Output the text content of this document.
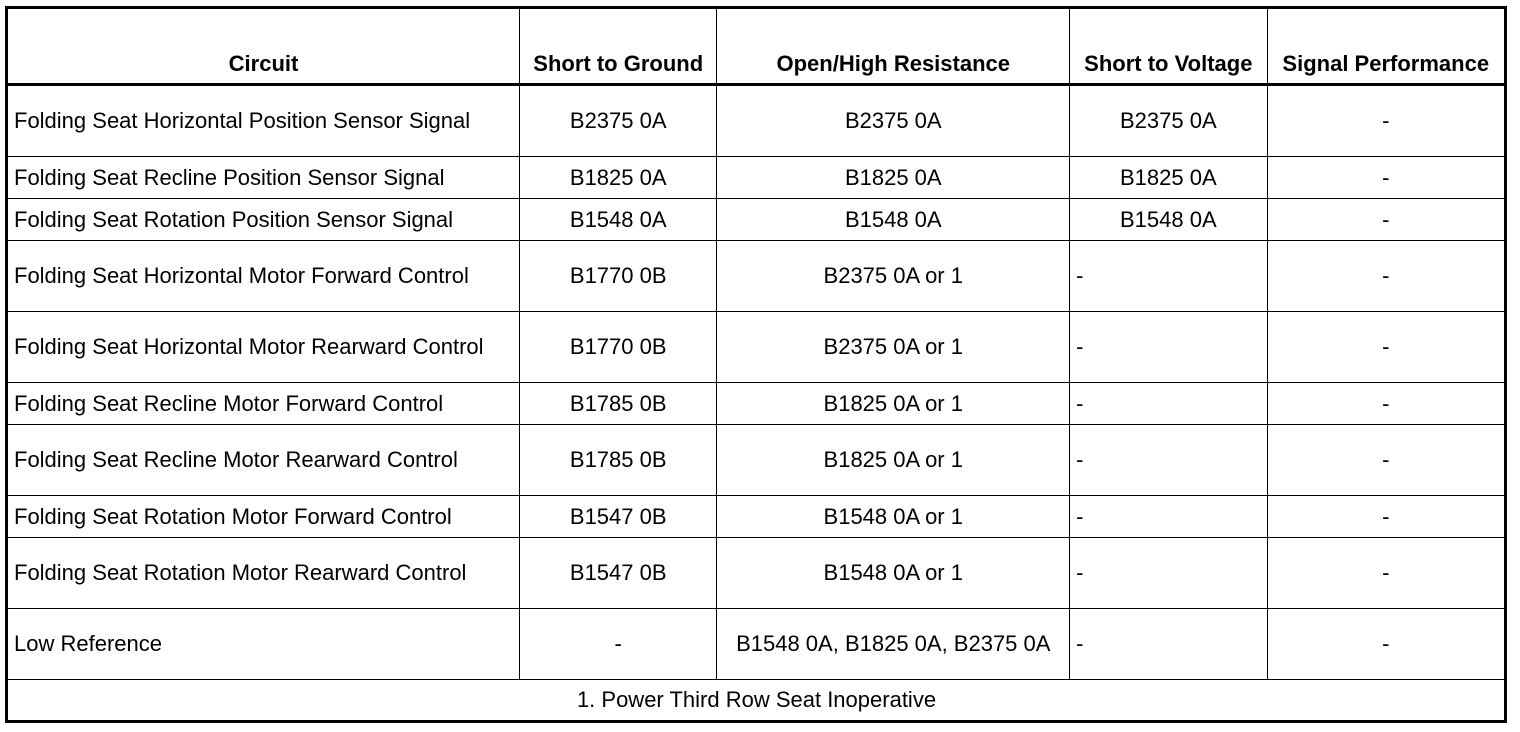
Circuit	Short to Ground	Open/High Resistance	Short to Voltage	Signal Performance
Folding Seat Horizontal Position Sensor Signal	B2375 0A	B2375 0A	B2375 0A	-
Folding Seat Recline Position Sensor Signal	B1825 0A	B1825 0A	B1825 0A	-
Folding Seat Rotation Position Sensor Signal	B1548 0A	B1548 0A	B1548 0A	-
Folding Seat Horizontal Motor Forward Control	B1770 0B	B2375 0A or 1	-	-
Folding Seat Horizontal Motor Rearward Control	B1770 0B	B2375 0A or 1	-	-
Folding Seat Recline Motor Forward Control	B1785 0B	B1825 0A or 1	-	-
Folding Seat Recline Motor Rearward Control	B1785 0B	B1825 0A or 1	-	-
Folding Seat Rotation Motor Forward Control	B1547 0B	B1548 0A or 1	-	-
Folding Seat Rotation Motor Rearward Control	B1547 0B	B1548 0A or 1	-	-
Low Reference	-	B1548 0A, B1825 0A, B2375 0A	-	-
1. Power Third Row Seat Inoperative				
